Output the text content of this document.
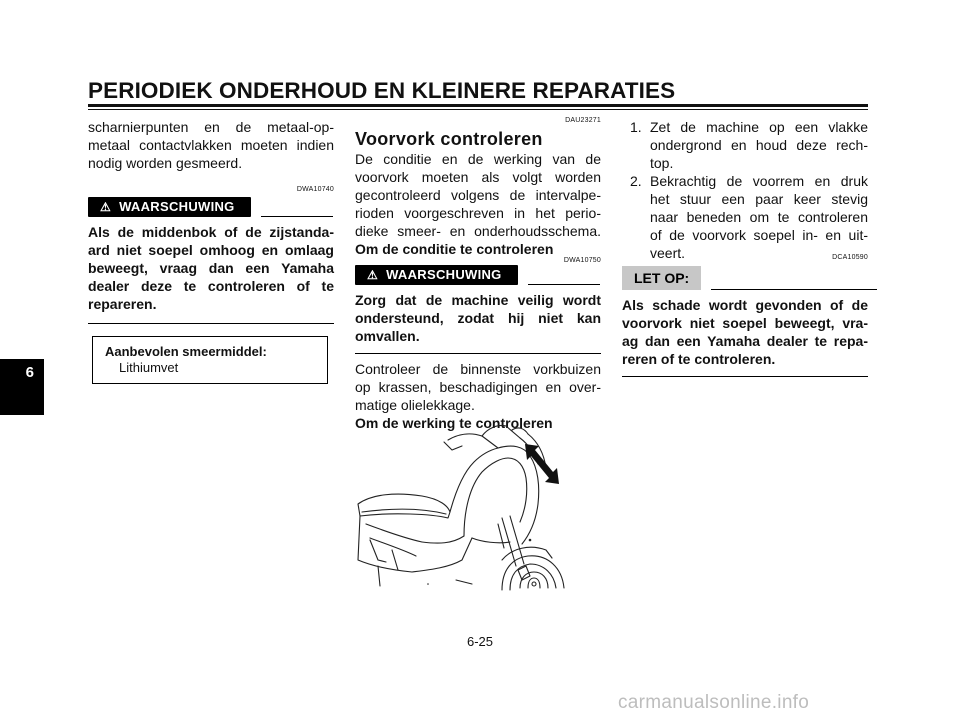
PERIODIEK ONDERHOUD EN KLEINERE REPARATIES
6

scharnierpunten en de metaal-op-

metaal contactvlakken moeten indien

nodig worden gesmeerd.

DWA10740
⚠ WAARSCHUWING

Als de middenbok of de zijstanda-

ard niet soepel omhoog en omlaag

beweegt, vraag dan een Yamaha

dealer deze te controleren of te

repareren.

Aanbevolen smeermiddel:
Lithiumvet
DAU23271
Voorvork controleren

De conditie en de werking van de

voorvork moeten als volgt worden

gecontroleerd volgens de intervalpe-

rioden voorgeschreven in het perio-

dieke smeer- en onderhoudsschema.

Om de conditie te controleren

DWA10750
⚠ WAARSCHUWING

Zorg dat de machine veilig wordt

ondersteund, zodat hij niet kan

omvallen.

Controleer de binnenste vorkbuizen

op krassen, beschadigingen en over-

matige olielekkage.

Om de werking te controleren

1. Zet de machine op een vlakke

ondergrond en houd deze rech-

top.

2. Bekrachtig de voorrem en druk

het stuur een paar keer stevig

naar beneden om te controleren

of de voorvork soepel in- en uit-

veert.	DCA10590
LET OP:

Als schade wordt gevonden of de

voorvork niet soepel beweegt, vra-

ag dan een Yamaha dealer te repa-

reren of te controleren.

6-25
carmanualsonline.info
